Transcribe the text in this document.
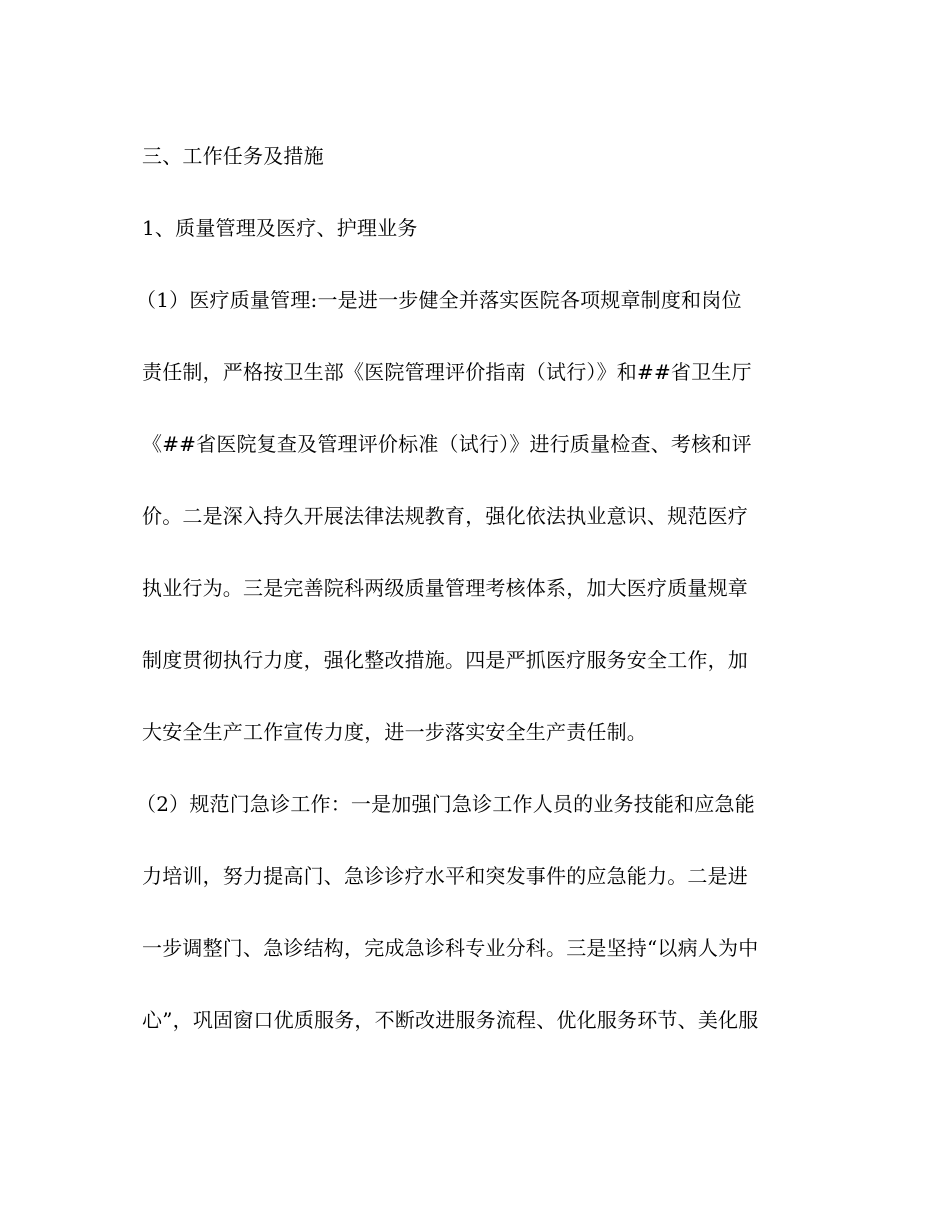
三、工作任务及措施
1、质量管理及医疗、护理业务
（1）医疗质量管理:一是进一步健全并落实医院各项规章制度和岗位
责任制，严格按卫生部《医院管理评价指南（试行）》和##省卫生厅
《##省医院复查及管理评价标准（试行）》进行质量检查、考核和评
价。二是深入持久开展法律法规教育，强化依法执业意识、规范医疗
执业行为。三是完善院科两级质量管理考核体系，加大医疗质量规章
制度贯彻执行力度，强化整改措施。四是严抓医疗服务安全工作，加
大安全生产工作宣传力度，进一步落实安全生产责任制。
（2）规范门急诊工作：一是加强门急诊工作人员的业务技能和应急能
力培训，努力提高门、急诊诊疗水平和突发事件的应急能力。二是进
一步调整门、急诊结构，完成急诊科专业分科。三是坚持“以病人为中
心”，巩固窗口优质服务，不断改进服务流程、优化服务环节、美化服
